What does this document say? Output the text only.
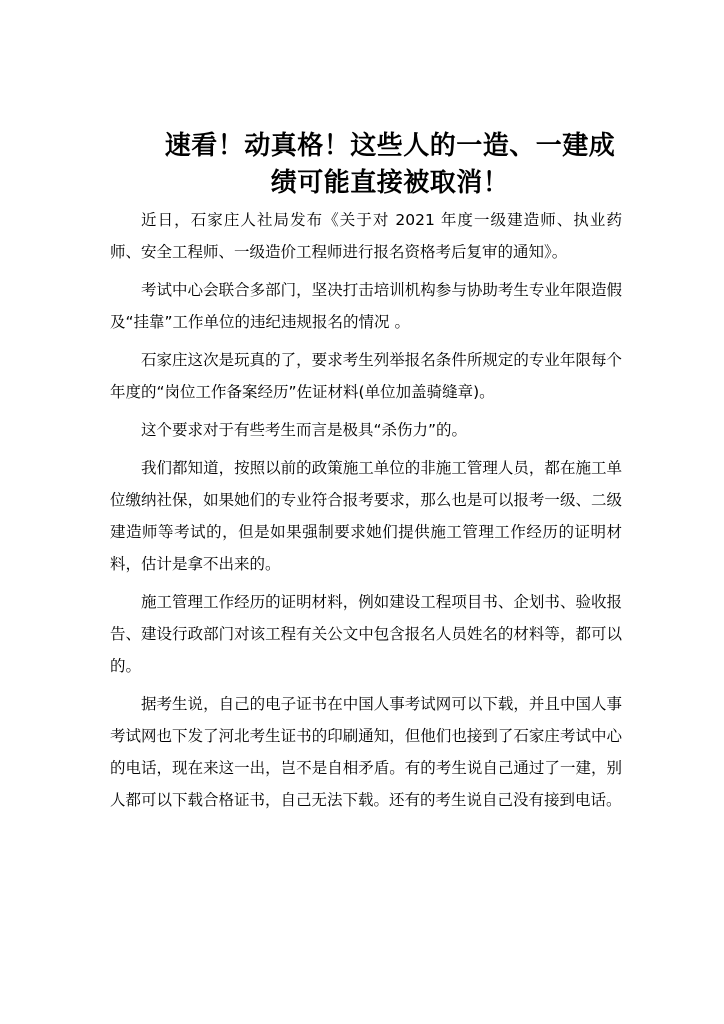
速看！动真格！这些人的一造、一建成
绩可能直接被取消！

近日，石家庄人社局发布《关于对 2021 年度一级建造师、执业药师、安全工程师、一级造价工程师进行报名资格考后复审的通知》。

考试中心会联合多部门，坚决打击培训机构参与协助考生专业年限造假及“挂靠”工作单位的违纪违规报名的情况 。

石家庄这次是玩真的了，要求考生列举报名条件所规定的专业年限每个年度的“岗位工作备案经历”佐证材料(单位加盖骑缝章)。

这个要求对于有些考生而言是极具“杀伤力”的。

我们都知道，按照以前的政策施工单位的非施工管理人员，都在施工单位缴纳社保，如果她们的专业符合报考要求，那么也是可以报考一级、二级建造师等考试的，但是如果强制要求她们提供施工管理工作经历的证明材料，估计是拿不出来的。

施工管理工作经历的证明材料，例如建设工程项目书、企划书、验收报告、建设行政部门对该工程有关公文中包含报名人员姓名的材料等，都可以的。

据考生说，自己的电子证书在中国人事考试网可以下载，并且中国人事考试网也下发了河北考生证书的印刷通知，但他们也接到了石家庄考试中心的电话，现在来这一出，岂不是自相矛盾。有的考生说自己通过了一建，别人都可以下载合格证书，自己无法下载。还有的考生说自己没有接到电话。
